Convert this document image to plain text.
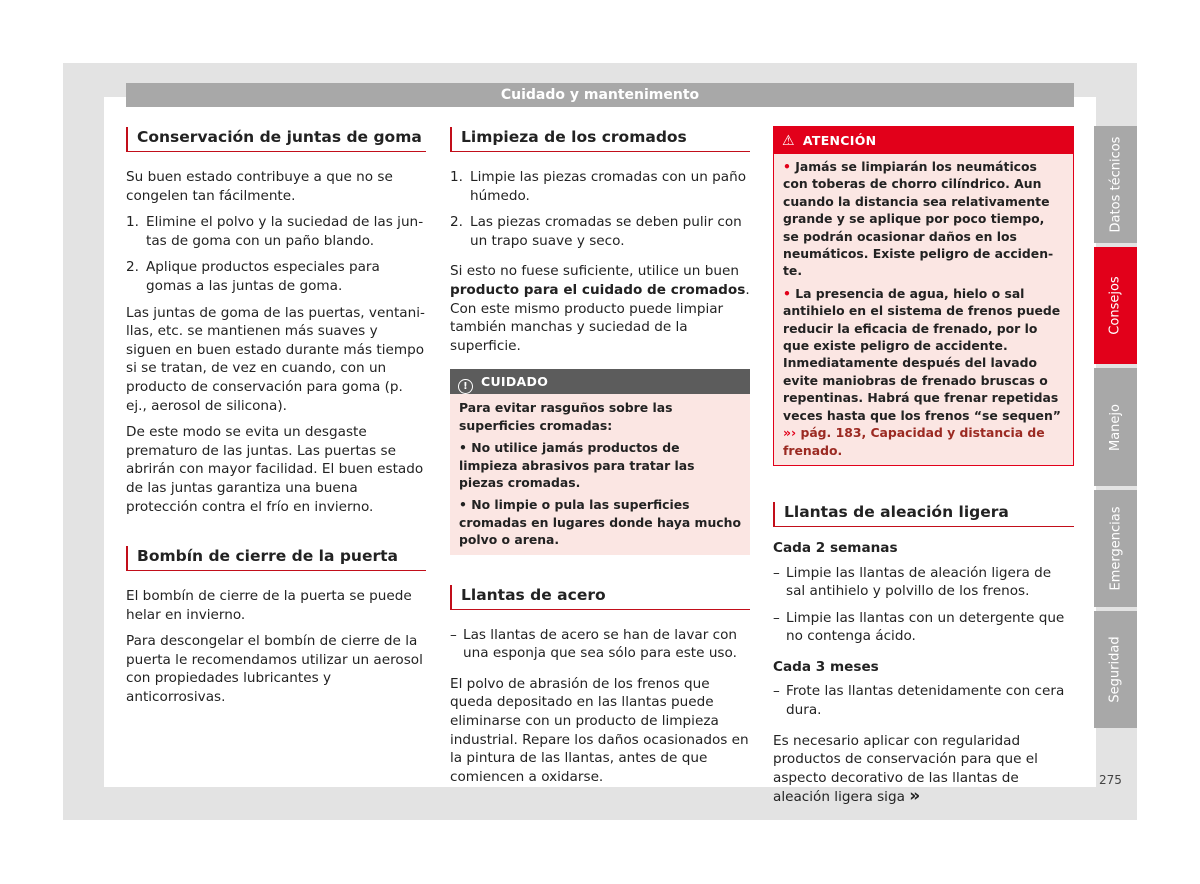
Cuidado y mantenimento
Conservación de juntas de goma

Su buen estado contribuye a que no se congelen tan fácilmente.

1. Elimine el polvo y la suciedad de las juntas de goma con un paño blando.
2. Aplique productos especiales para gomas a las juntas de goma.

Las juntas de goma de las puertas, ventanillas, etc. se mantienen más suaves y siguen en buen estado durante más tiempo si se tratan, de vez en cuando, con un producto de conservación para goma (p. ej., aerosol de silicona).

De este modo se evita un desgaste prematuro de las juntas. Las puertas se abrirán con mayor facilidad. El buen estado de las juntas garantiza una buena protección contra el frío en invierno.

Bombín de cierre de la puerta

El bombín de cierre de la puerta se puede helar en invierno.

Para descongelar el bombín de cierre de la puerta le recomendamos utilizar un aerosol con propiedades lubricantes y anticorrosivas.

Limpieza de los cromados
1. Limpie las piezas cromadas con un paño húmedo.
2. Las piezas cromadas se deben pulir con un trapo suave y seco.

Si esto no fuese suficiente, utilice un buen producto para el cuidado de cromados. Con este mismo producto puede limpiar también manchas y suciedad de la superficie.

! CUIDADO

Para evitar rasguños sobre las superficies cromadas:

• No utilice jamás productos de limpieza abrasivos para tratar las piezas cromadas.

• No limpie o pula las superficies cromadas en lugares donde haya mucho polvo o arena.

Llantas de acero
– Las llantas de acero se han de lavar con una esponja que sea sólo para este uso.

El polvo de abrasión de los frenos que queda depositado en las llantas puede eliminarse con un producto de limpieza industrial. Repare los daños ocasionados en la pintura de las llantas, antes de que comiencen a oxidarse.

⚠ ATENCIÓN

• Jamás se limpiarán los neumáticos con toberas de chorro cilíndrico. Aun cuando la distancia sea relativamente grande y se aplique por poco tiempo, se podrán ocasionar daños en los neumáticos. Existe peligro de accidente.

• La presencia de agua, hielo o sal antihielo en el sistema de frenos puede reducir la eficacia de frenado, por lo que existe peligro de accidente. Inmediatamente después del lavado evite maniobras de frenado bruscas o repentinas. Habrá que frenar repetidas veces hasta que los frenos “se sequen”

»› pág. 183, Capacidad y distancia de frenado.

Llantas de aleación ligera

Cada 2 semanas

– Limpie las llantas de aleación ligera de sal antihielo y polvillo de los frenos.
– Limpie las llantas con un detergente que no contenga ácido.

Cada 3 meses

– Frote las llantas detenidamente con cera dura.

Es necesario aplicar con regularidad productos de conservación para que el aspecto decorativo de las llantas de aleación ligera siga »

Datos técnicos
Consejos
Manejo
Emergencias
Seguridad
275
